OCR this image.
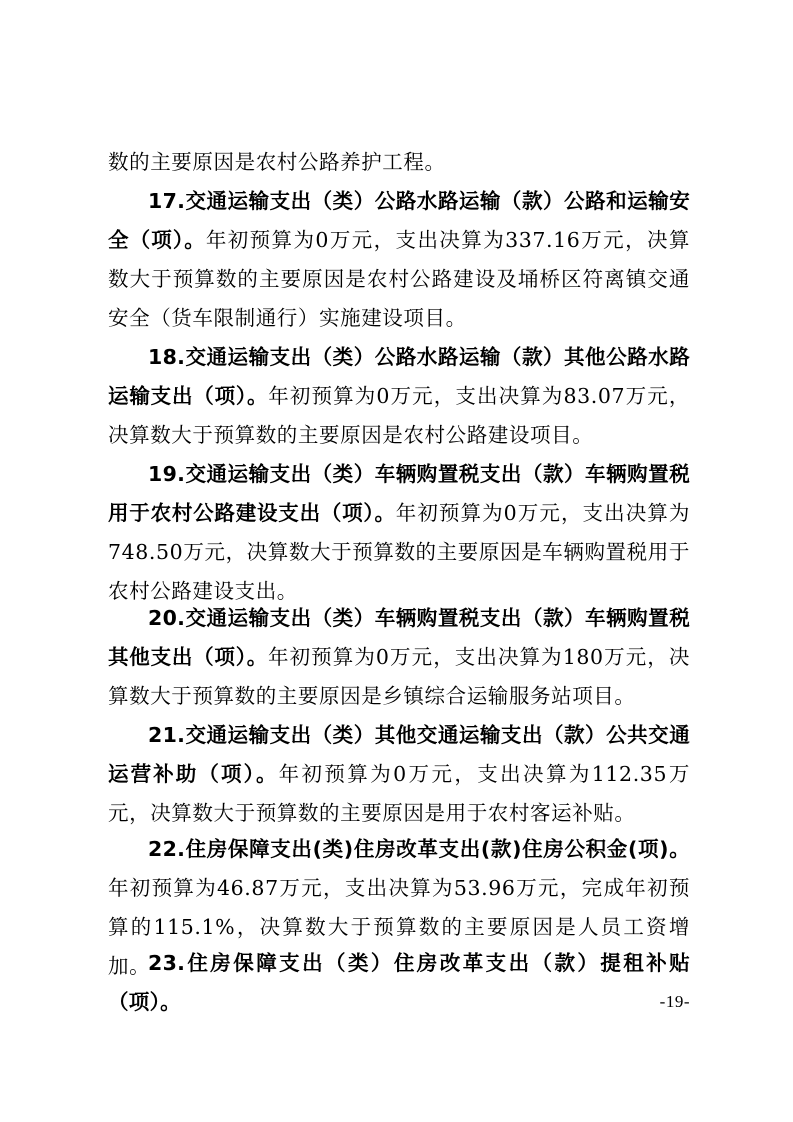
数的主要原因是农村公路养护工程。

17.交通运输支出（类）公路水路运输（款）公路和运输安全（项）。年初预算为0万元，支出决算为337.16万元，决算数大于预算数的主要原因是农村公路建设及埇桥区符离镇交通安全（货车限制通行）实施建设项目。

18.交通运输支出（类）公路水路运输（款）其他公路水路运输支出（项）。年初预算为0万元，支出决算为83.07万元，决算数大于预算数的主要原因是农村公路建设项目。

19.交通运输支出（类）车辆购置税支出（款）车辆购置税用于农村公路建设支出（项）。年初预算为0万元，支出决算为748.50万元，决算数大于预算数的主要原因是车辆购置税用于农村公路建设支出。

20.交通运输支出（类）车辆购置税支出（款）车辆购置税其他支出（项）。年初预算为0万元，支出决算为180万元，决算数大于预算数的主要原因是乡镇综合运输服务站项目。

21.交通运输支出（类）其他交通运输支出（款）公共交通运营补助（项）。年初预算为0万元，支出决算为112.35万元，决算数大于预算数的主要原因是用于农村客运补贴。

22.住房保障支出(类)住房改革支出(款)住房公积金(项)。年初预算为46.87万元，支出决算为53.96万元，完成年初预算的115.1%，决算数大于预算数的主要原因是人员工资增加。

23.住房保障支出（类）住房改革支出（款）提租补贴（项）。	-19-
